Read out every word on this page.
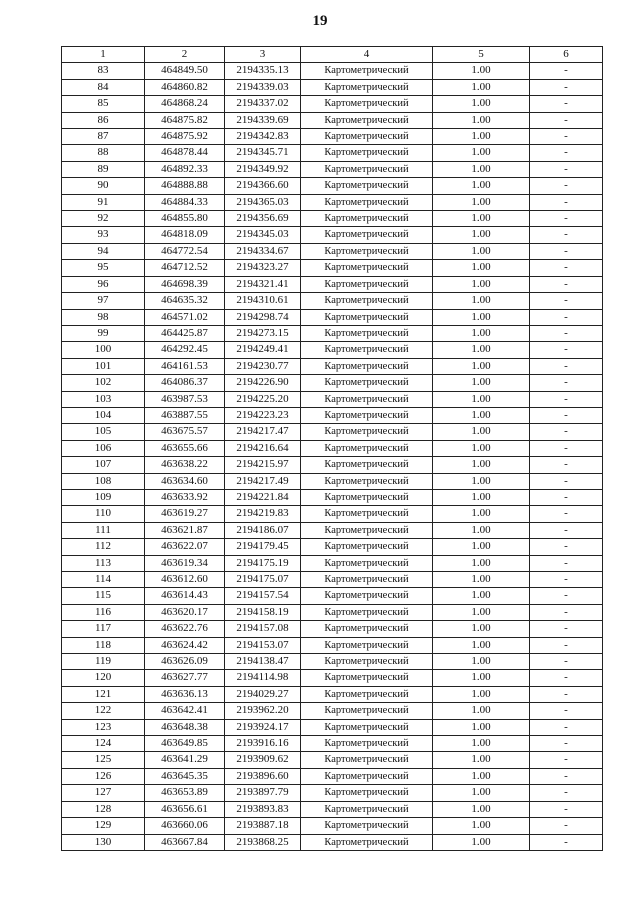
19
1	2	3	4	5	6
83	464849.50	2194335.13	Картометрический	1.00	-
84	464860.82	2194339.03	Картометрический	1.00	-
85	464868.24	2194337.02	Картометрический	1.00	-
86	464875.82	2194339.69	Картометрический	1.00	-
87	464875.92	2194342.83	Картометрический	1.00	-
88	464878.44	2194345.71	Картометрический	1.00	-
89	464892.33	2194349.92	Картометрический	1.00	-
90	464888.88	2194366.60	Картометрический	1.00	-
91	464884.33	2194365.03	Картометрический	1.00	-
92	464855.80	2194356.69	Картометрический	1.00	-
93	464818.09	2194345.03	Картометрический	1.00	-
94	464772.54	2194334.67	Картометрический	1.00	-
95	464712.52	2194323.27	Картометрический	1.00	-
96	464698.39	2194321.41	Картометрический	1.00	-
97	464635.32	2194310.61	Картометрический	1.00	-
98	464571.02	2194298.74	Картометрический	1.00	-
99	464425.87	2194273.15	Картометрический	1.00	-
100	464292.45	2194249.41	Картометрический	1.00	-
101	464161.53	2194230.77	Картометрический	1.00	-
102	464086.37	2194226.90	Картометрический	1.00	-
103	463987.53	2194225.20	Картометрический	1.00	-
104	463887.55	2194223.23	Картометрический	1.00	-
105	463675.57	2194217.47	Картометрический	1.00	-
106	463655.66	2194216.64	Картометрический	1.00	-
107	463638.22	2194215.97	Картометрический	1.00	-
108	463634.60	2194217.49	Картометрический	1.00	-
109	463633.92	2194221.84	Картометрический	1.00	-
110	463619.27	2194219.83	Картометрический	1.00	-
111	463621.87	2194186.07	Картометрический	1.00	-
112	463622.07	2194179.45	Картометрический	1.00	-
113	463619.34	2194175.19	Картометрический	1.00	-
114	463612.60	2194175.07	Картометрический	1.00	-
115	463614.43	2194157.54	Картометрический	1.00	-
116	463620.17	2194158.19	Картометрический	1.00	-
117	463622.76	2194157.08	Картометрический	1.00	-
118	463624.42	2194153.07	Картометрический	1.00	-
119	463626.09	2194138.47	Картометрический	1.00	-
120	463627.77	2194114.98	Картометрический	1.00	-
121	463636.13	2194029.27	Картометрический	1.00	-
122	463642.41	2193962.20	Картометрический	1.00	-
123	463648.38	2193924.17	Картометрический	1.00	-
124	463649.85	2193916.16	Картометрический	1.00	-
125	463641.29	2193909.62	Картометрический	1.00	-
126	463645.35	2193896.60	Картометрический	1.00	-
127	463653.89	2193897.79	Картометрический	1.00	-
128	463656.61	2193893.83	Картометрический	1.00	-
129	463660.06	2193887.18	Картометрический	1.00	-
130	463667.84	2193868.25	Картометрический	1.00	-
